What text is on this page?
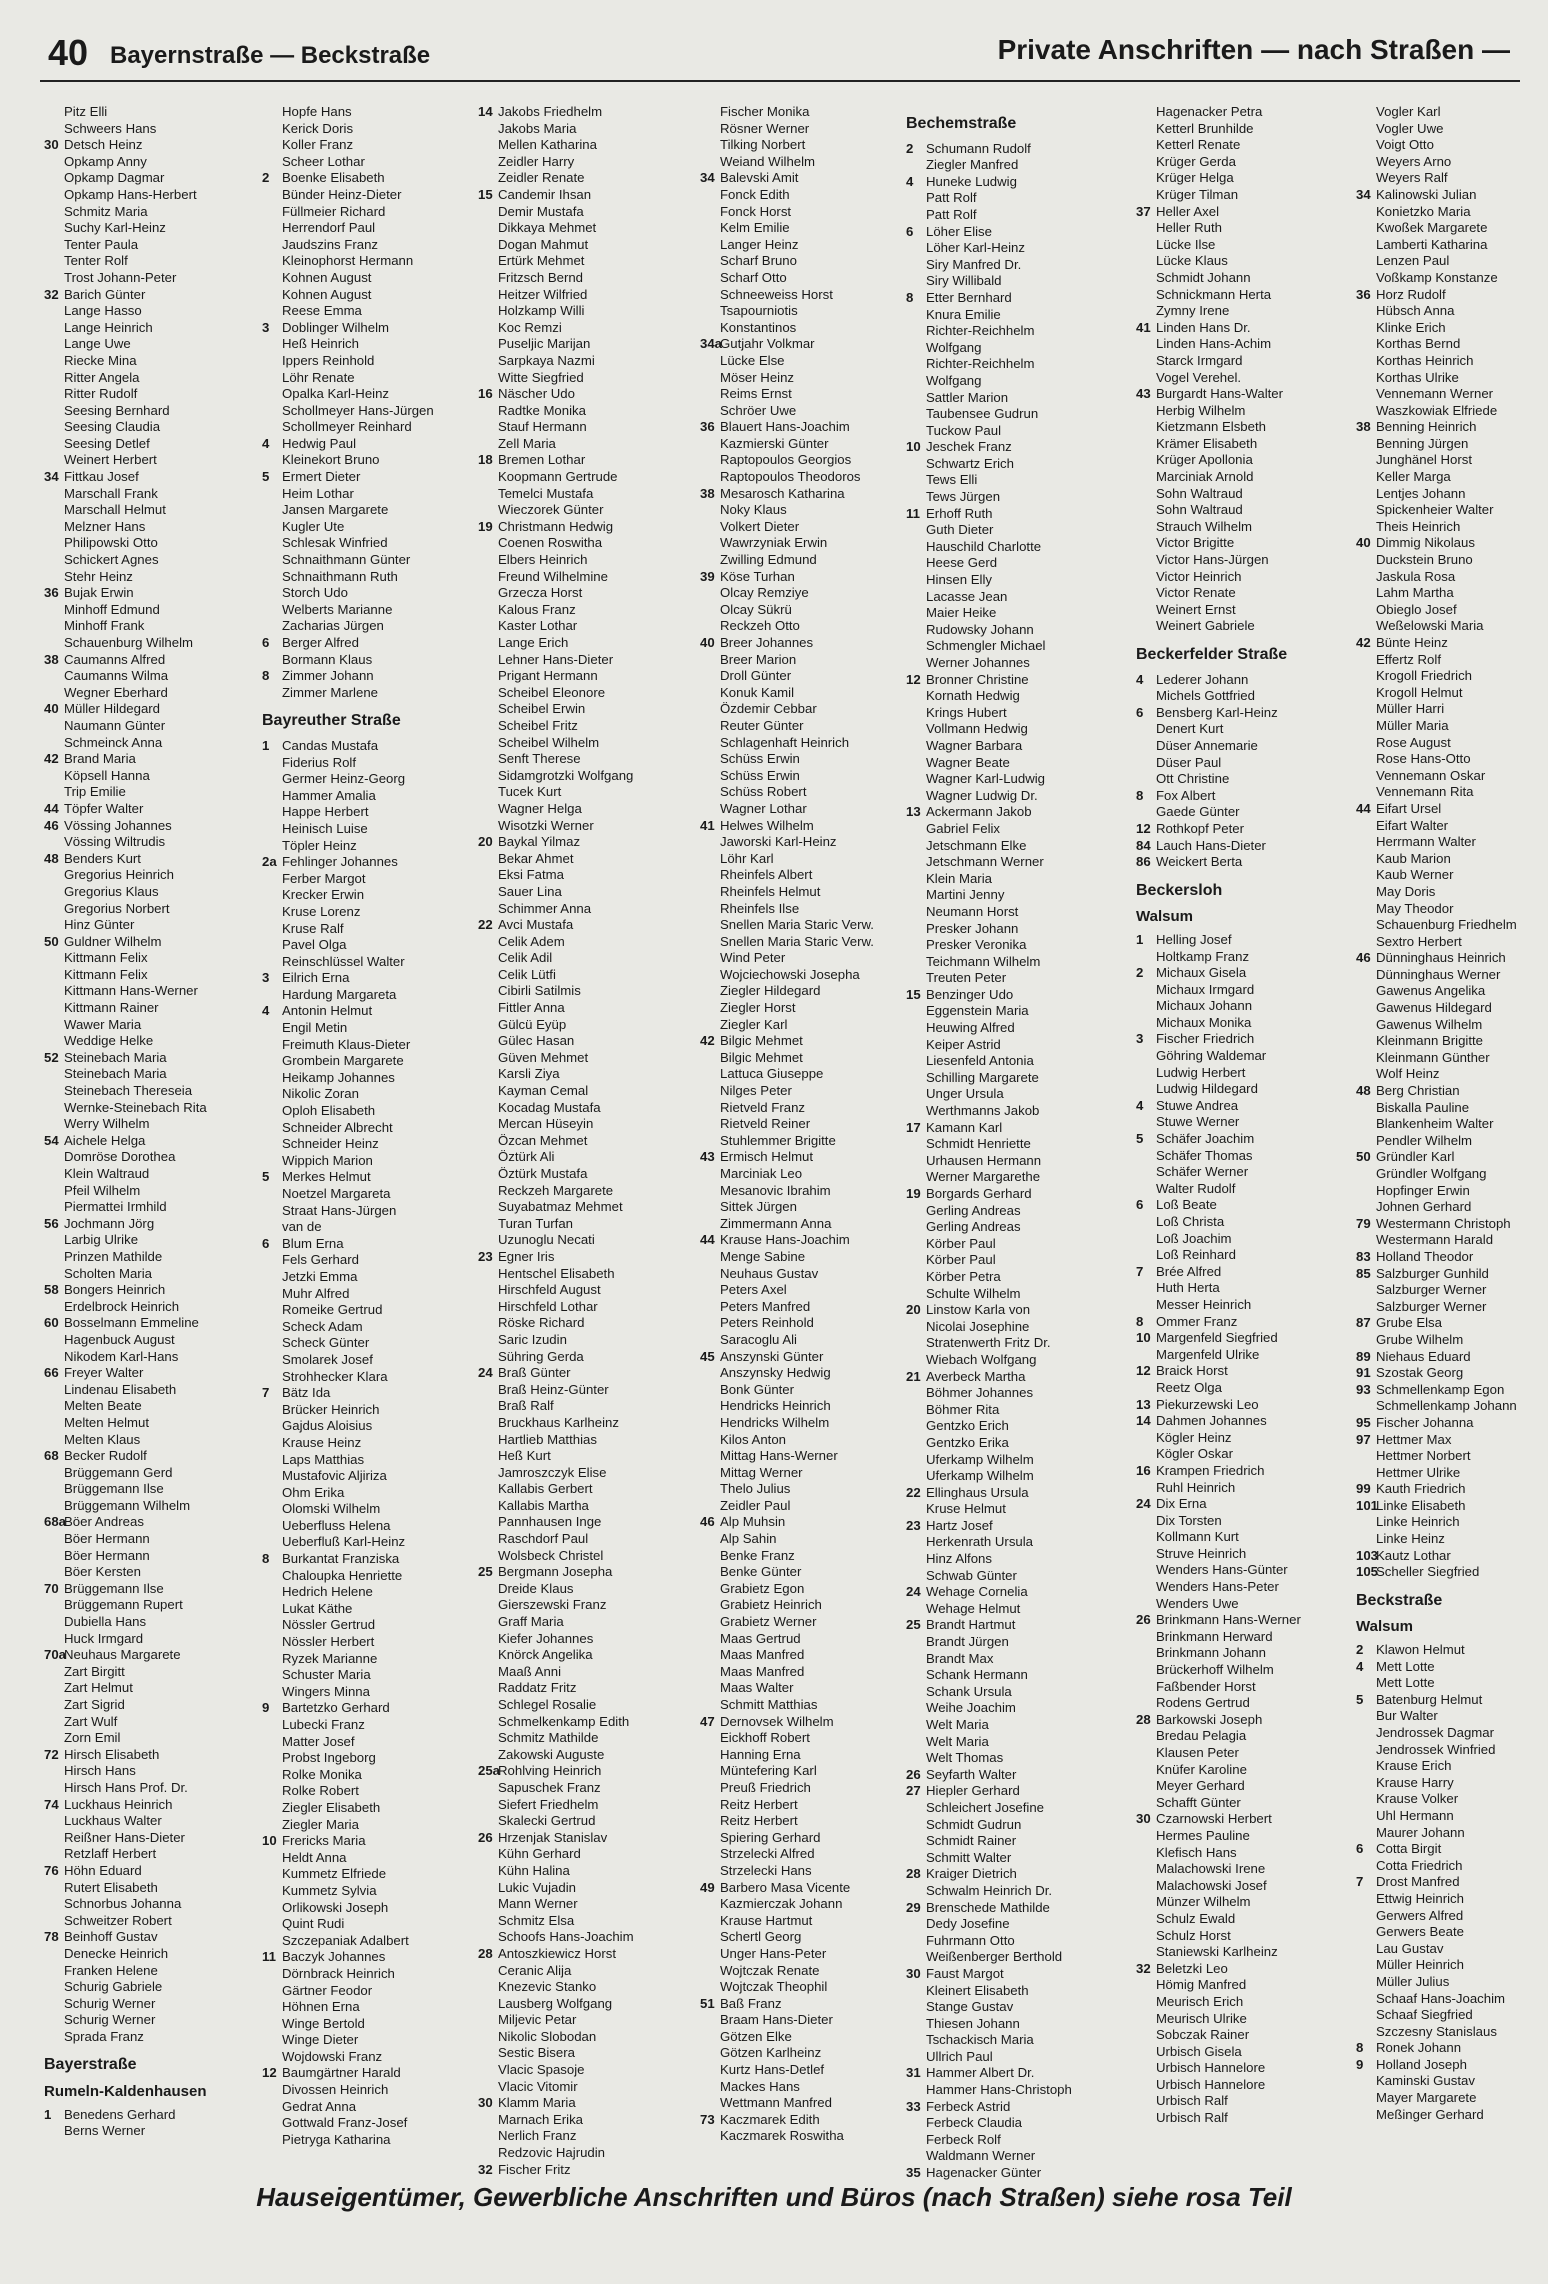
40 Bayernstraße — Beckstraße	Private Anschriften — nach Straßen —
Pitz Elli
Schweers Hans
30 Detsch Heinz
Opkamp Anny
Opkamp Dagmar
Opkamp Hans-Herbert
Schmitz Maria
Suchy Karl-Heinz
Tenter Paula
Tenter Rolf
Trost Johann-Peter
32 Barich Günter
Lange Hasso
Lange Heinrich
Lange Uwe
Riecke Mina
Ritter Angela
Ritter Rudolf
Seesing Bernhard
Seesing Claudia
Seesing Detlef
Weinert Herbert
34 Fittkau Josef
Marschall Frank
Marschall Helmut
Melzner Hans
Philipowski Otto
Schickert Agnes
Stehr Heinz
36 Bujak Erwin
Minhoff Edmund
Minhoff Frank
Schauenburg Wilhelm
38 Caumanns Alfred
Caumanns Wilma
Wegner Eberhard
40 Müller Hildegard
Naumann Günter
Schmeinck Anna
42 Brand Maria
Köpsell Hanna
Trip Emilie
44 Töpfer Walter
46 Vössing Johannes
Vössing Wiltrudis
48 Benders Kurt
Gregorius Heinrich
Gregorius Klaus
Gregorius Norbert
Hinz Günter
50 Guldner Wilhelm
Kittmann Felix
Kittmann Felix
Kittmann Hans-Werner
Kittmann Rainer
Wawer Maria
Weddige Helke
52 Steinebach Maria
Steinebach Maria
Steinebach Thereseia
Wernke-Steinebach Rita
Werry Wilhelm
54 Aichele Helga
Domröse Dorothea
Klein Waltraud
Pfeil Wilhelm
Piermattei Irmhild
56 Jochmann Jörg
Larbig Ulrike
Prinzen Mathilde
Scholten Maria
58 Bongers Heinrich
Erdelbrock Heinrich
60 Bosselmann Emmeline
Hagenbuck August
Nikodem Karl-Hans
66 Freyer Walter
Lindenau Elisabeth
Melten Beate
Melten Helmut
Melten Klaus
68 Becker Rudolf
Brüggemann Gerd
Brüggemann Ilse
Brüggemann Wilhelm
68aBöer Andreas
Böer Hermann
Böer Hermann
Böer Kersten
70 Brüggemann Ilse
Brüggemann Rupert
Dubiella Hans
Huck Irmgard
70aNeuhaus Margarete
Zart Birgitt
Zart Helmut
Zart Sigrid
Zart Wulf
Zorn Emil
72 Hirsch Elisabeth
Hirsch Hans
Hirsch Hans Prof. Dr.
74 Luckhaus Heinrich
Luckhaus Walter
Reißner Hans-Dieter
Retzlaff Herbert
76 Höhn Eduard
Rutert Elisabeth
Schnorbus Johanna
Schweitzer Robert
78 Beinhoff Gustav
Denecke Heinrich
Franken Helene
Schurig Gabriele
Schurig Werner
Schurig Werner
Sprada Franz
Bayerstraße
Rumeln-Kaldenhausen
1 Benedens Gerhard
Berns Werner
Hopfe Hans
Kerick Doris
Koller Franz
Scheer Lothar
2 Boenke Elisabeth
Bünder Heinz-Dieter
Füllmeier Richard
Herrendorf Paul
Jaudszins Franz
Kleinophorst Hermann
Kohnen August
Kohnen August
Reese Emma
3 Doblinger Wilhelm
Heß Heinrich
Ippers Reinhold
Löhr Renate
Opalka Karl-Heinz
Schollmeyer Hans-Jürgen
Schollmeyer Reinhard
4 Hedwig Paul
Kleinekort Bruno
5 Ermert Dieter
Heim Lothar
Jansen Margarete
Kugler Ute
Schlesak Winfried
Schnaithmann Günter
Schnaithmann Ruth
Storch Udo
Welberts Marianne
Zacharias Jürgen
6 Berger Alfred
Bormann Klaus
8 Zimmer Johann
Zimmer Marlene
Bayreuther Straße
1 Candas Mustafa
Fiderius Rolf
Germer Heinz-Georg
Hammer Amalia
Happe Herbert
Heinisch Luise
Töpler Heinz
2a Fehlinger Johannes
Ferber Margot
Krecker Erwin
Kruse Lorenz
Kruse Ralf
Pavel Olga
Reinschlüssel Walter
3 Eilrich Erna
Hardung Margareta
4 Antonin Helmut
Engil Metin
Freimuth Klaus-Dieter
Grombein Margarete
Heikamp Johannes
Nikolic Zoran
Oploh Elisabeth
Schneider Albrecht
Schneider Heinz
Wippich Marion
5 Merkes Helmut
Noetzel Margareta
Straat Hans-Jürgen
van de
6 Blum Erna
Fels Gerhard
Jetzki Emma
Muhr Alfred
Romeike Gertrud
Scheck Adam
Scheck Günter
Smolarek Josef
Strohhecker Klara
7 Bätz Ida
Brücker Heinrich
Gajdus Aloisius
Krause Heinz
Laps Matthias
Mustafovic Aljiriza
Ohm Erika
Olomski Wilhelm
Ueberfluss Helena
Ueberfluß Karl-Heinz
8 Burkantat Franziska
Chaloupka Henriette
Hedrich Helene
Lukat Käthe
Nössler Gertrud
Nössler Herbert
Ryzek Marianne
Schuster Maria
Wingers Minna
9 Bartetzko Gerhard
Lubecki Franz
Matter Josef
Probst Ingeborg
Rolke Monika
Rolke Robert
Ziegler Elisabeth
Ziegler Maria
10 Frericks Maria
Heldt Anna
Kummetz Elfriede
Kummetz Sylvia
Orlikowski Joseph
Quint Rudi
Szczepaniak Adalbert
11 Baczyk Johannes
Dörnbrack Heinrich
Gärtner Feodor
Höhnen Erna
Winge Bertold
Winge Dieter
Wojdowski Franz
12 Baumgärtner Harald
Divossen Heinrich
Gedrat Anna
Gottwald Franz-Josef
Pietryga Katharina
14 Jakobs Friedhelm
Jakobs Maria
Mellen Katharina
Zeidler Harry
Zeidler Renate
15 Candemir Ihsan
Demir Mustafa
Dikkaya Mehmet
Dogan Mahmut
Ertürk Mehmet
Fritzsch Bernd
Heitzer Wilfried
Holzkamp Willi
Koc Remzi
Puseljic Marijan
Sarpkaya Nazmi
Witte Siegfried
16 Näscher Udo
Radtke Monika
Stauf Hermann
Zell Maria
18 Bremen Lothar
Koopmann Gertrude
Temelci Mustafa
Wieczorek Günter
19 Christmann Hedwig
Coenen Roswitha
Elbers Heinrich
Freund Wilhelmine
Grzecza Horst
Kalous Franz
Kaster Lothar
Lange Erich
Lehner Hans-Dieter
Prigant Hermann
Scheibel Eleonore
Scheibel Erwin
Scheibel Fritz
Scheibel Wilhelm
Senft Therese
Sidamgrotzki Wolfgang
Tucek Kurt
Wagner Helga
Wisotzki Werner
20 Baykal Yilmaz
Bekar Ahmet
Eksi Fatma
Sauer Lina
Schimmer Anna
22 Avci Mustafa
Celik Adem
Celik Adil
Celik Lütfi
Cibirli Satilmis
Fittler Anna
Gülcü Eyüp
Gülec Hasan
Güven Mehmet
Karsli Ziya
Kayman Cemal
Kocadag Mustafa
Mercan Hüseyin
Özcan Mehmet
Öztürk Ali
Öztürk Mustafa
Reckzeh Margarete
Suyabatmaz Mehmet
Turan Turfan
Uzunoglu Necati
23 Egner Iris
Hentschel Elisabeth
Hirschfeld August
Hirschfeld Lothar
Röske Richard
Saric Izudin
Sühring Gerda
24 Braß Günter
Braß Heinz-Günter
Braß Ralf
Bruckhaus Karlheinz
Hartlieb Matthias
Heß Kurt
Jamroszczyk Elise
Kallabis Gerbert
Kallabis Martha
Pannhausen Inge
Raschdorf Paul
Wolsbeck Christel
25 Bergmann Josepha
Dreide Klaus
Gierszewski Franz
Graff Maria
Kiefer Johannes
Knörck Angelika
Maaß Anni
Raddatz Fritz
Schlegel Rosalie
Schmelkenkamp Edith
Schmitz Mathilde
Zakowski Auguste
25aRohlving Heinrich
Sapuschek Franz
Siefert Friedhelm
Skalecki Gertrud
26 Hrzenjak Stanislav
Kühn Gerhard
Kühn Halina
Lukic Vujadin
Mann Werner
Schmitz Elsa
Schoofs Hans-Joachim
28 Antoszkiewicz Horst
Ceranic Alija
Knezevic Stanko
Lausberg Wolfgang
Miljevic Petar
Nikolic Slobodan
Sestic Bisera
Vlacic Spasoje
Vlacic Vitomir
30 Klamm Maria
Marnach Erika
Nerlich Franz
Redzovic Hajrudin
32 Fischer Fritz
Fischer Monika
Rösner Werner
Tilking Norbert
Weiand Wilhelm
34 Balevski Amit
Fonck Edith
Fonck Horst
Kelm Emilie
Langer Heinz
Scharf Bruno
Scharf Otto
Schneeweiss Horst
Tsapourniotis
Konstantinos
34aGutjahr Volkmar
Lücke Else
Möser Heinz
Reims Ernst
Schröer Uwe
36 Blauert Hans-Joachim
Kazmierski Günter
Raptopoulos Georgios
Raptopoulos Theodoros
38 Mesarosch Katharina
Noky Klaus
Volkert Dieter
Wawrzyniak Erwin
Zwilling Edmund
39 Köse Turhan
Olcay Remziye
Olcay Sükrü
Reckzeh Otto
40 Breer Johannes
Breer Marion
Droll Günter
Konuk Kamil
Özdemir Cebbar
Reuter Günter
Schlagenhaft Heinrich
Schüss Erwin
Schüss Erwin
Schüss Robert
Wagner Lothar
41 Helwes Wilhelm
Jaworski Karl-Heinz
Löhr Karl
Rheinfels Albert
Rheinfels Helmut
Rheinfels Ilse
Snellen Maria Staric Verw.
Snellen Maria Staric Verw.
Wind Peter
Wojciechowski Josepha
Ziegler Hildegard
Ziegler Horst
Ziegler Karl
42 Bilgic Mehmet
Bilgic Mehmet
Lattuca Giuseppe
Nilges Peter
Rietveld Franz
Rietveld Reiner
Stuhlemmer Brigitte
43 Ermisch Helmut
Marciniak Leo
Mesanovic Ibrahim
Sittek Jürgen
Zimmermann Anna
44 Krause Hans-Joachim
Menge Sabine
Neuhaus Gustav
Peters Axel
Peters Manfred
Peters Reinhold
Saracoglu Ali
45 Anszynski Günter
Anszynsky Hedwig
Bonk Günter
Hendricks Heinrich
Hendricks Wilhelm
Kilos Anton
Mittag Hans-Werner
Mittag Werner
Thelo Julius
Zeidler Paul
46 Alp Muhsin
Alp Sahin
Benke Franz
Benke Günter
Grabietz Egon
Grabietz Heinrich
Grabietz Werner
Maas Gertrud
Maas Manfred
Maas Manfred
Maas Walter
Schmitt Matthias
47 Dernovsek Wilhelm
Eickhoff Robert
Hanning Erna
Müntefering Karl
Preuß Friedrich
Reitz Herbert
Reitz Herbert
Spiering Gerhard
Strzelecki Alfred
Strzelecki Hans
49 Barbero Masa Vicente
Kazmierczak Johann
Krause Hartmut
Schertl Georg
Unger Hans-Peter
Wojtczak Renate
Wojtczak Theophil
51 Baß Franz
Braam Hans-Dieter
Götzen Elke
Götzen Karlheinz
Kurtz Hans-Detlef
Mackes Hans
Wettmann Manfred
73 Kaczmarek Edith
Kaczmarek Roswitha
Bechemstraße
2 Schumann Rudolf
Ziegler Manfred
4 Huneke Ludwig
Patt Rolf
Patt Rolf
6 Löher Elise
Löher Karl-Heinz
Siry Manfred Dr.
Siry Willibald
8 Etter Bernhard
Knura Emilie
Richter-Reichhelm
Wolfgang
Richter-Reichhelm
Wolfgang
Sattler Marion
Taubensee Gudrun
Tuckow Paul
10 Jeschek Franz
Schwartz Erich
Tews Elli
Tews Jürgen
11 Erhoff Ruth
Guth Dieter
Hauschild Charlotte
Heese Gerd
Hinsen Elly
Lacasse Jean
Maier Heike
Rudowsky Johann
Schmengler Michael
Werner Johannes
12 Bronner Christine
Kornath Hedwig
Krings Hubert
Vollmann Hedwig
Wagner Barbara
Wagner Beate
Wagner Karl-Ludwig
Wagner Ludwig Dr.
13 Ackermann Jakob
Gabriel Felix
Jetschmann Elke
Jetschmann Werner
Klein Maria
Martini Jenny
Neumann Horst
Presker Johann
Presker Veronika
Teichmann Wilhelm
Treuten Peter
15 Benzinger Udo
Eggenstein Maria
Heuwing Alfred
Keiper Astrid
Liesenfeld Antonia
Schilling Margarete
Unger Ursula
Werthmanns Jakob
17 Kamann Karl
Schmidt Henriette
Urhausen Hermann
Werner Margarethe
19 Borgards Gerhard
Gerling Andreas
Gerling Andreas
Körber Paul
Körber Paul
Körber Petra
Schulte Wilhelm
20 Linstow Karla von
Nicolai Josephine
Stratenwerth Fritz Dr.
Wiebach Wolfgang
21 Averbeck Martha
Böhmer Johannes
Böhmer Rita
Gentzko Erich
Gentzko Erika
Uferkamp Wilhelm
Uferkamp Wilhelm
22 Ellinghaus Ursula
Kruse Helmut
23 Hartz Josef
Herkenrath Ursula
Hinz Alfons
Schwab Günter
24 Wehage Cornelia
Wehage Helmut
25 Brandt Hartmut
Brandt Jürgen
Brandt Max
Schank Hermann
Schank Ursula
Weihe Joachim
Welt Maria
Welt Maria
Welt Thomas
26 Seyfarth Walter
27 Hiepler Gerhard
Schleichert Josefine
Schmidt Gudrun
Schmidt Rainer
Schmitt Walter
28 Kraiger Dietrich
Schwalm Heinrich Dr.
29 Brenschede Mathilde
Dedy Josefine
Fuhrmann Otto
Weißenberger Berthold
30 Faust Margot
Kleinert Elisabeth
Stange Gustav
Thiesen Johann
Tschackisch Maria
Ullrich Paul
31 Hammer Albert Dr.
Hammer Hans-Christoph
33 Ferbeck Astrid
Ferbeck Claudia
Ferbeck Rolf
Waldmann Werner
35 Hagenacker Günter
Hagenacker Petra
Ketterl Brunhilde
Ketterl Renate
Krüger Gerda
Krüger Helga
Krüger Tilman
37 Heller Axel
Heller Ruth
Lücke Ilse
Lücke Klaus
Schmidt Johann
Schnickmann Herta
Zymny Irene
41 Linden Hans Dr.
Linden Hans-Achim
Starck Irmgard
Vogel Verehel.
43 Burgardt Hans-Walter
Herbig Wilhelm
Kietzmann Elsbeth
Krämer Elisabeth
Krüger Apollonia
Marciniak Arnold
Sohn Waltraud
Sohn Waltraud
Strauch Wilhelm
Victor Brigitte
Victor Hans-Jürgen
Victor Heinrich
Victor Renate
Weinert Ernst
Weinert Gabriele
Beckerfelder Straße
4 Lederer Johann
Michels Gottfried
6 Bensberg Karl-Heinz
Denert Kurt
Düser Annemarie
Düser Paul
Ott Christine
8 Fox Albert
Gaede Günter
12 Rothkopf Peter
84 Lauch Hans-Dieter
86 Weickert Berta
Beckersloh
Walsum
1 Helling Josef
Holtkamp Franz
2 Michaux Gisela
Michaux Irmgard
Michaux Johann
Michaux Monika
3 Fischer Friedrich
Göhring Waldemar
Ludwig Herbert
Ludwig Hildegard
4 Stuwe Andrea
Stuwe Werner
5 Schäfer Joachim
Schäfer Thomas
Schäfer Werner
Walter Rudolf
6 Loß Beate
Loß Christa
Loß Joachim
Loß Reinhard
7 Brée Alfred
Huth Herta
Messer Heinrich
8 Ommer Franz
10 Margenfeld Siegfried
Margenfeld Ulrike
12 Braick Horst
Reetz Olga
13 Piekurzewski Leo
14 Dahmen Johannes
Kögler Heinz
Kögler Oskar
16 Krampen Friedrich
Ruhl Heinrich
24 Dix Erna
Dix Torsten
Kollmann Kurt
Struve Heinrich
Wenders Hans-Günter
Wenders Hans-Peter
Wenders Uwe
26 Brinkmann Hans-Werner
Brinkmann Herward
Brinkmann Johann
Brückerhoff Wilhelm
Faßbender Horst
Rodens Gertrud
28 Barkowski Joseph
Bredau Pelagia
Klausen Peter
Knüfer Karoline
Meyer Gerhard
Schafft Günter
30 Czarnowski Herbert
Hermes Pauline
Klefisch Hans
Malachowski Irene
Malachowski Josef
Münzer Wilhelm
Schulz Ewald
Schulz Horst
Staniewski Karlheinz
32 Beletzki Leo
Hömig Manfred
Meurisch Erich
Meurisch Ulrike
Sobczak Rainer
Urbisch Gisela
Urbisch Hannelore
Urbisch Hannelore
Urbisch Ralf
Urbisch Ralf
Vogler Karl
Vogler Uwe
Voigt Otto
Weyers Arno
Weyers Ralf
34 Kalinowski Julian
Konietzko Maria
Kwoßek Margarete
Lamberti Katharina
Lenzen Paul
Voßkamp Konstanze
36 Horz Rudolf
Hübsch Anna
Klinke Erich
Korthas Bernd
Korthas Heinrich
Korthas Ulrike
Vennemann Werner
Waszkowiak Elfriede
38 Benning Heinrich
Benning Jürgen
Junghänel Horst
Keller Marga
Lentjes Johann
Spickenheier Walter
Theis Heinrich
40 Dimmig Nikolaus
Duckstein Bruno
Jaskula Rosa
Lahm Martha
Obieglo Josef
Weßelowski Maria
42 Bünte Heinz
Effertz Rolf
Krogoll Friedrich
Krogoll Helmut
Müller Harri
Müller Maria
Rose August
Rose Hans-Otto
Vennemann Oskar
Vennemann Rita
44 Eifart Ursel
Eifart Walter
Herrmann Walter
Kaub Marion
Kaub Werner
May Doris
May Theodor
Schauenburg Friedhelm
Sextro Herbert
46 Dünninghaus Heinrich
Dünninghaus Werner
Gawenus Angelika
Gawenus Hildegard
Gawenus Wilhelm
Kleinmann Brigitte
Kleinmann Günther
Wolf Heinz
48 Berg Christian
Biskalla Pauline
Blankenheim Walter
Pendler Wilhelm
50 Gründler Karl
Gründler Wolfgang
Hopfinger Erwin
Johnen Gerhard
79 Westermann Christoph
Westermann Harald
83 Holland Theodor
85 Salzburger Gunhild
Salzburger Werner
Salzburger Werner
87 Grube Elsa
Grube Wilhelm
89 Niehaus Eduard
91 Szostak Georg
93 Schmellenkamp Egon
Schmellenkamp Johann
95 Fischer Johanna
97 Hettmer Max
Hettmer Norbert
Hettmer Ulrike
99 Kauth Friedrich
101Linke Elisabeth
Linke Heinrich
Linke Heinz
103Kautz Lothar
105Scheller Siegfried
Beckstraße
Walsum
2 Klawon Helmut
4 Mett Lotte
Mett Lotte
5 Batenburg Helmut
Bur Walter
Jendrossek Dagmar
Jendrossek Winfried
Krause Erich
Krause Harry
Krause Volker
Uhl Hermann
Maurer Johann
6 Cotta Birgit
Cotta Friedrich
7 Drost Manfred
Ettwig Heinrich
Gerwers Alfred
Gerwers Beate
Lau Gustav
Müller Heinrich
Müller Julius
Schaaf Hans-Joachim
Schaaf Siegfried
Szczesny Stanislaus
8 Ronek Johann
9 Holland Joseph
Kaminski Gustav
Mayer Margarete
Meßinger Gerhard
Hauseigentümer, Gewerbliche Anschriften und Büros (nach Straßen) siehe rosa Teil
